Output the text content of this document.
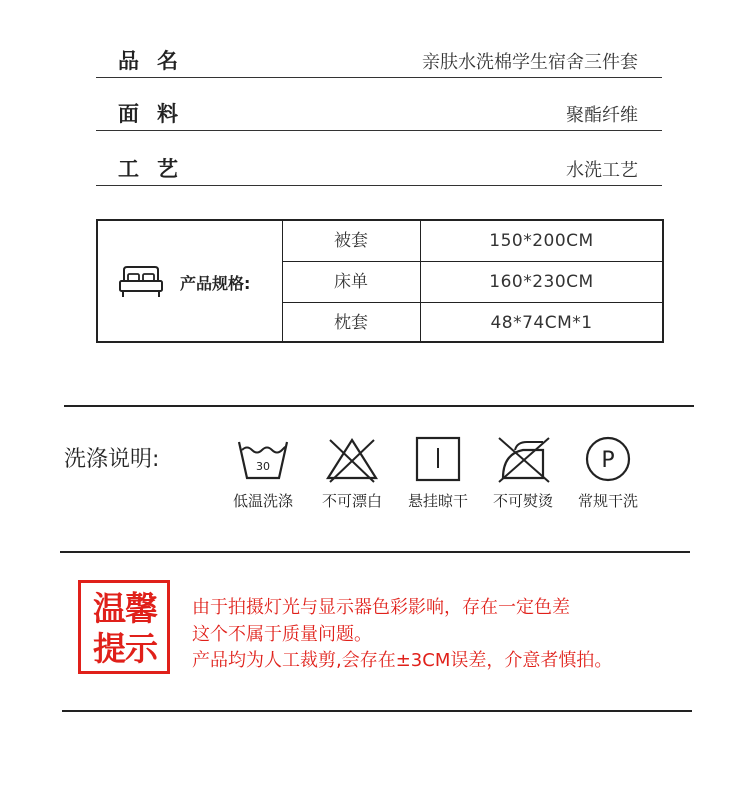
品名	亲肤水洗棉学生宿舍三件套
面料	聚酯纤维
工艺	水洗工艺
产品规格:
被套	150*200CM
床单	160*230CM
枕套	48*74CM*1
洗涤说明:	30
低温洗涤	不可漂白	悬挂晾干	不可熨烫
P
常规干洗
温馨
提示
由于拍摄灯光与显示器色彩影响，存在一定色差
这个不属于质量问题。
产品均为人工裁剪,会存在±3CM误差，介意者慎拍。
